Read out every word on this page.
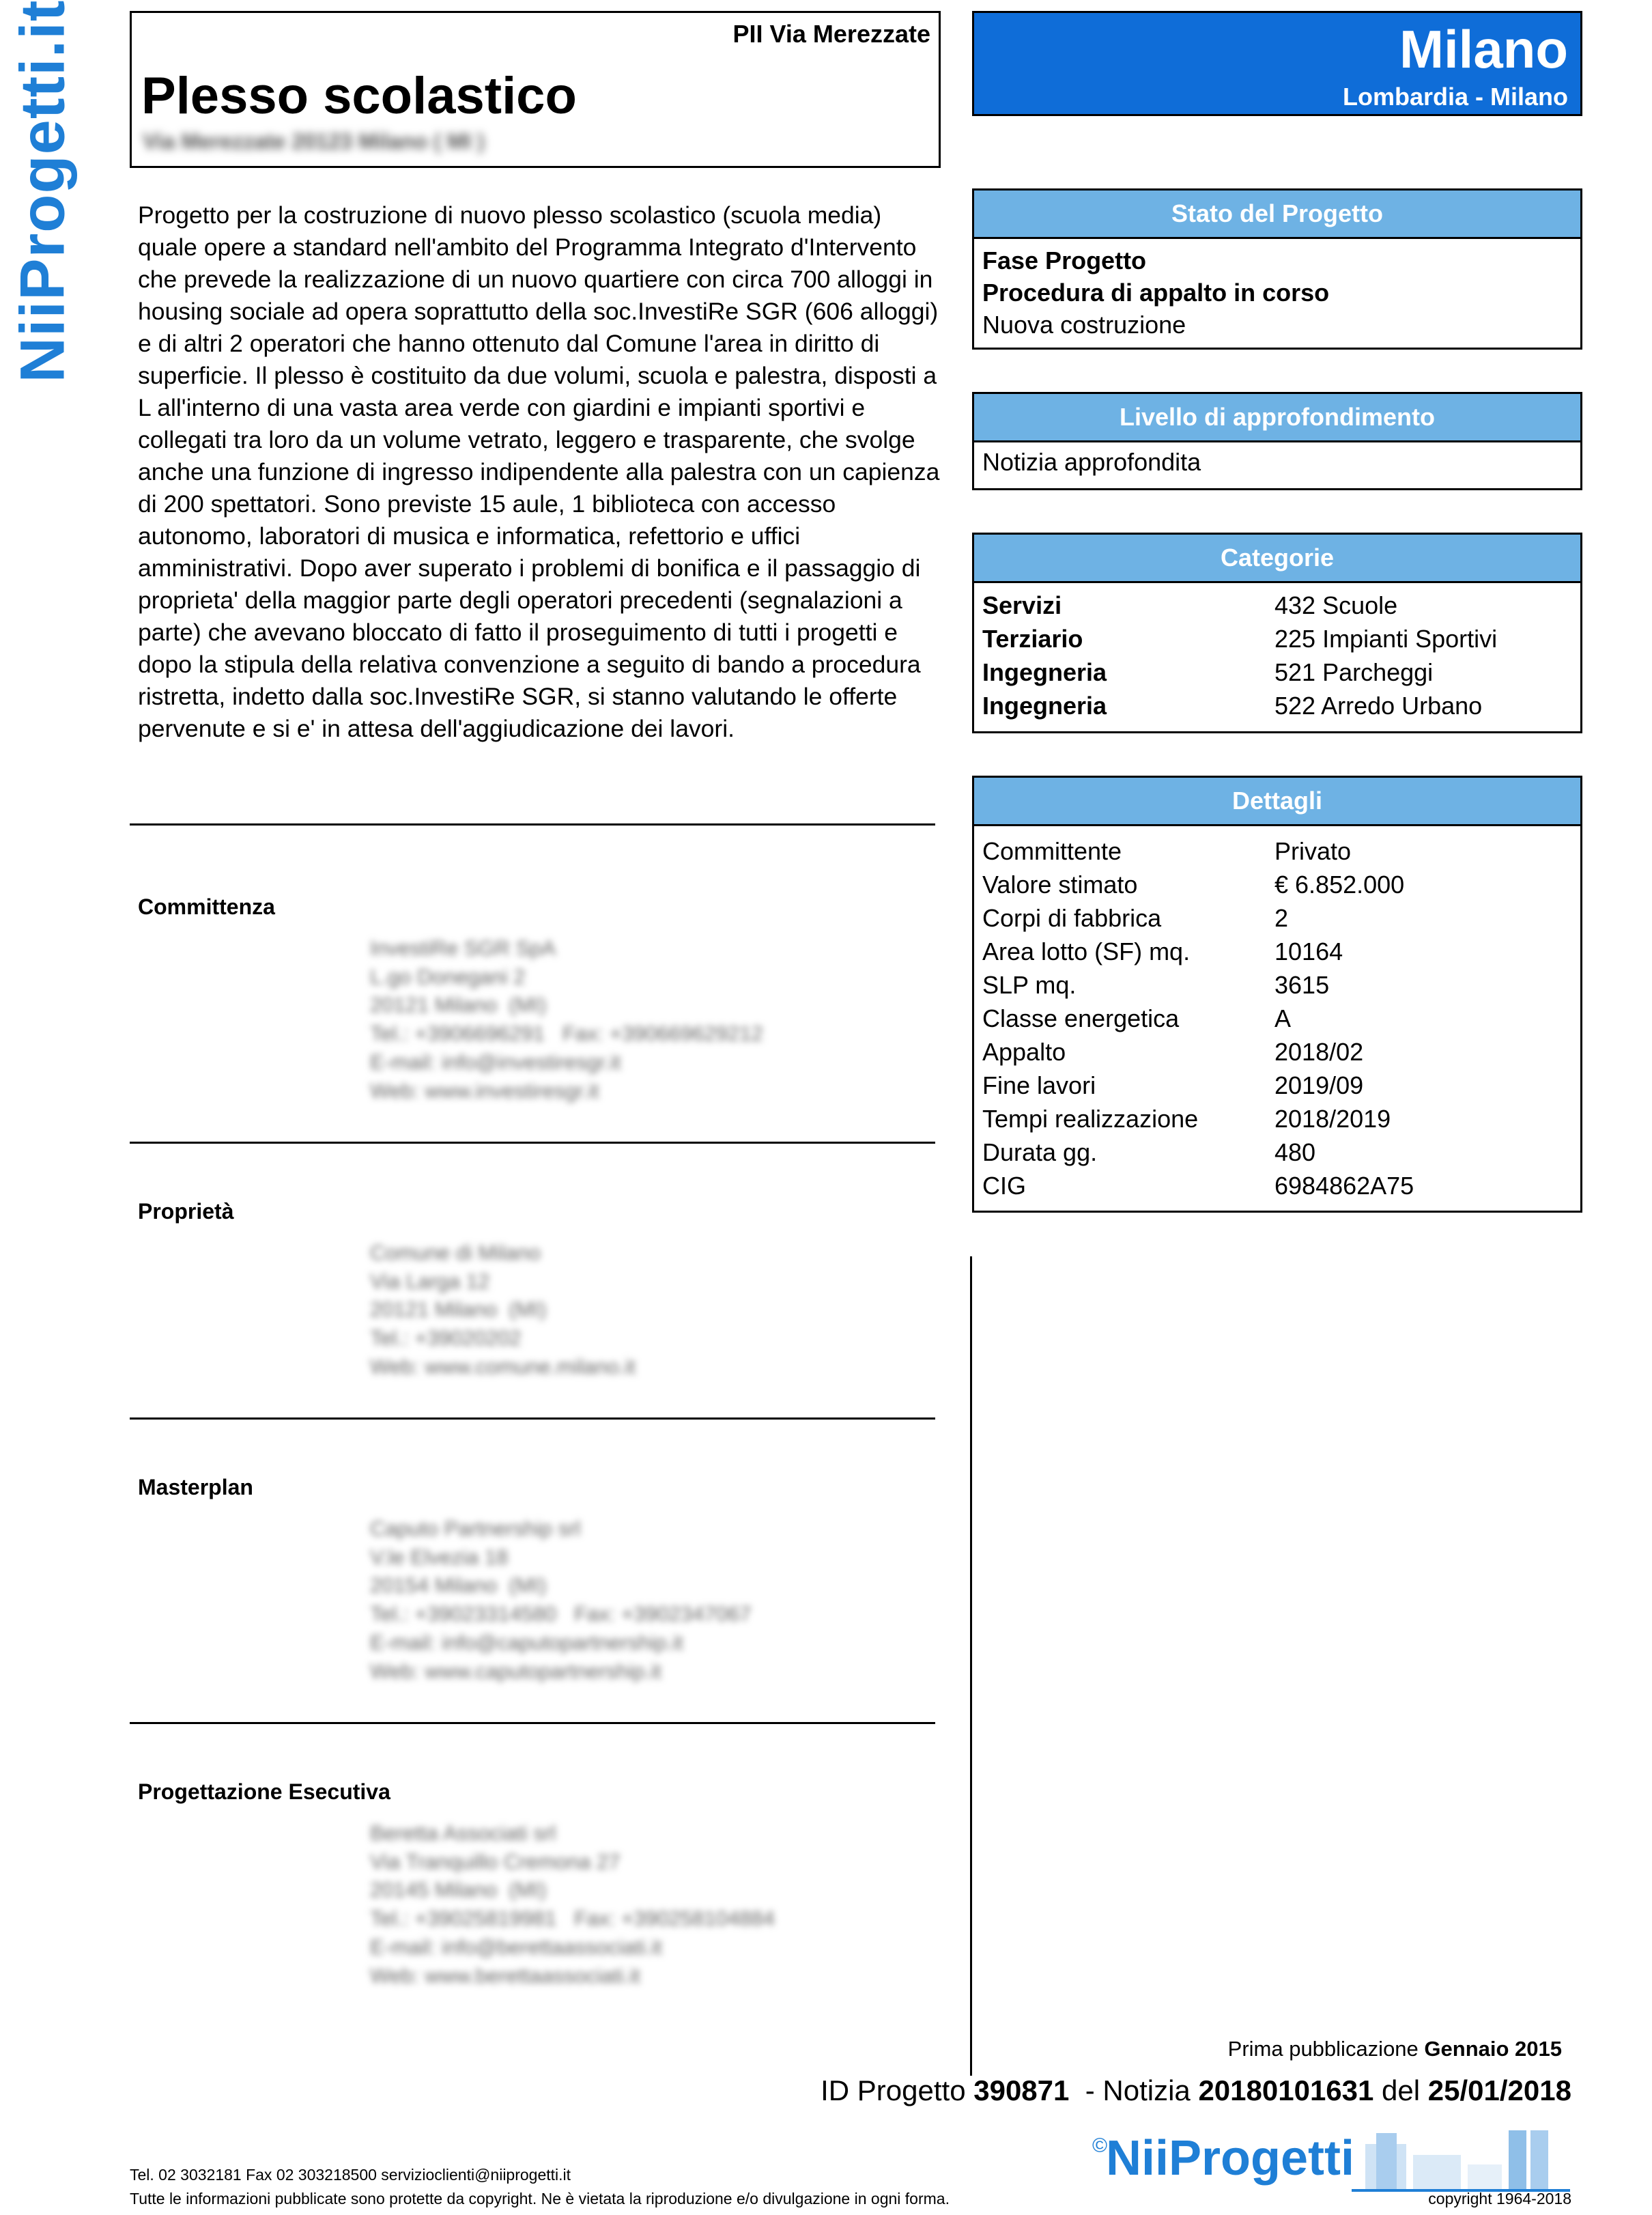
NiiProgetti.it	PII Via Merezzate
Plesso scolastico
Via Merezzate 20123 Milano ( MI )
Milano
Lombardia - Milano

Progetto per la costruzione di nuovo plesso scolastico (scuola media) quale opere a standard nell'ambito del Programma Integrato d'Intervento che prevede la realizzazione di un nuovo quartiere con circa 700 alloggi in housing sociale ad opera soprattutto della soc.InvestiRe SGR (606 alloggi) e di altri 2 operatori che hanno ottenuto dal Comune l'area in diritto di superficie. Il plesso è costituito da due volumi, scuola e palestra, disposti a L all'interno di una vasta area verde con giardini e impianti sportivi e collegati tra loro da un volume vetrato, leggero e trasparente, che svolge anche una funzione di ingresso indipendente alla palestra con un capienza di 200 spettatori. Sono previste 15 aule, 1 biblioteca con accesso autonomo, laboratori di musica e informatica, refettorio e uffici amministrativi. Dopo aver superato i problemi di bonifica e il passaggio di proprieta' della maggior parte degli operatori precedenti (segnalazioni a parte) che avevano bloccato di fatto il proseguimento di tutti i progetti e dopo la stipula della relativa convenzione a seguito di bando a procedura ristretta, indetto dalla soc.InvestiRe SGR, si stanno valutando le offerte pervenute e si e' in attesa dell'aggiudicazione dei lavori.

Committenza
InvestiRe SGR SpA
L.go Donegani 2
20121 Milano  (MI)
Tel.: +3906696291   Fax: +390669629212
E-mail: info@investiresgr.it
Web: www.investiresgr.it
Proprietà
Comune di Milano
Via Larga 12
20121 Milano  (MI)
Tel.: +39020202
Web: www.comune.milano.it
Masterplan
Caputo Partnership srl
V.le Elvezia 18
20154 Milano  (MI)
Tel.: +39023314580   Fax: +3902347067
E-mail: info@caputopartnership.it
Web: www.caputopartnership.it
Progettazione Esecutiva
Beretta Associati srl
Via Tranquillo Cremona 27
20145 Milano  (MI)
Tel.: +39025819981   Fax: +390258104884
E-mail: info@berettaassociati.it
Web: www.berettaassociati.it
Stato del Progetto
Fase Progetto
Procedura di appalto in corso
Nuova costruzione
Livello di approfondimento
Notizia approfondita
Categorie
Servizi	432 Scuole
Terziario	225 Impianti Sportivi
Ingegneria	521 Parcheggi
Ingegneria	522 Arredo Urbano
Dettagli
Committente	Privato
Valore stimato	€ 6.852.000
Corpi di fabbrica	2
Area lotto (SF) mq.	10164
SLP mq.	3615
Classe energetica	A
Appalto	2018/02
Fine lavori	2019/09
Tempi realizzazione	2018/2019
Durata gg.	480
CIG	6984862A75
Prima pubblicazione Gennaio 2015
ID Progetto 390871  - Notizia 20180101631 del 25/01/2018
©
NiiProgetti
Tel. 02 3032181 Fax 02 303218500 servizioclienti@niiprogetti.it
Tutte le informazioni pubblicate sono protette da copyright. Ne è vietata la riproduzione e/o divulgazione in ogni forma.	copyright 1964-2018
